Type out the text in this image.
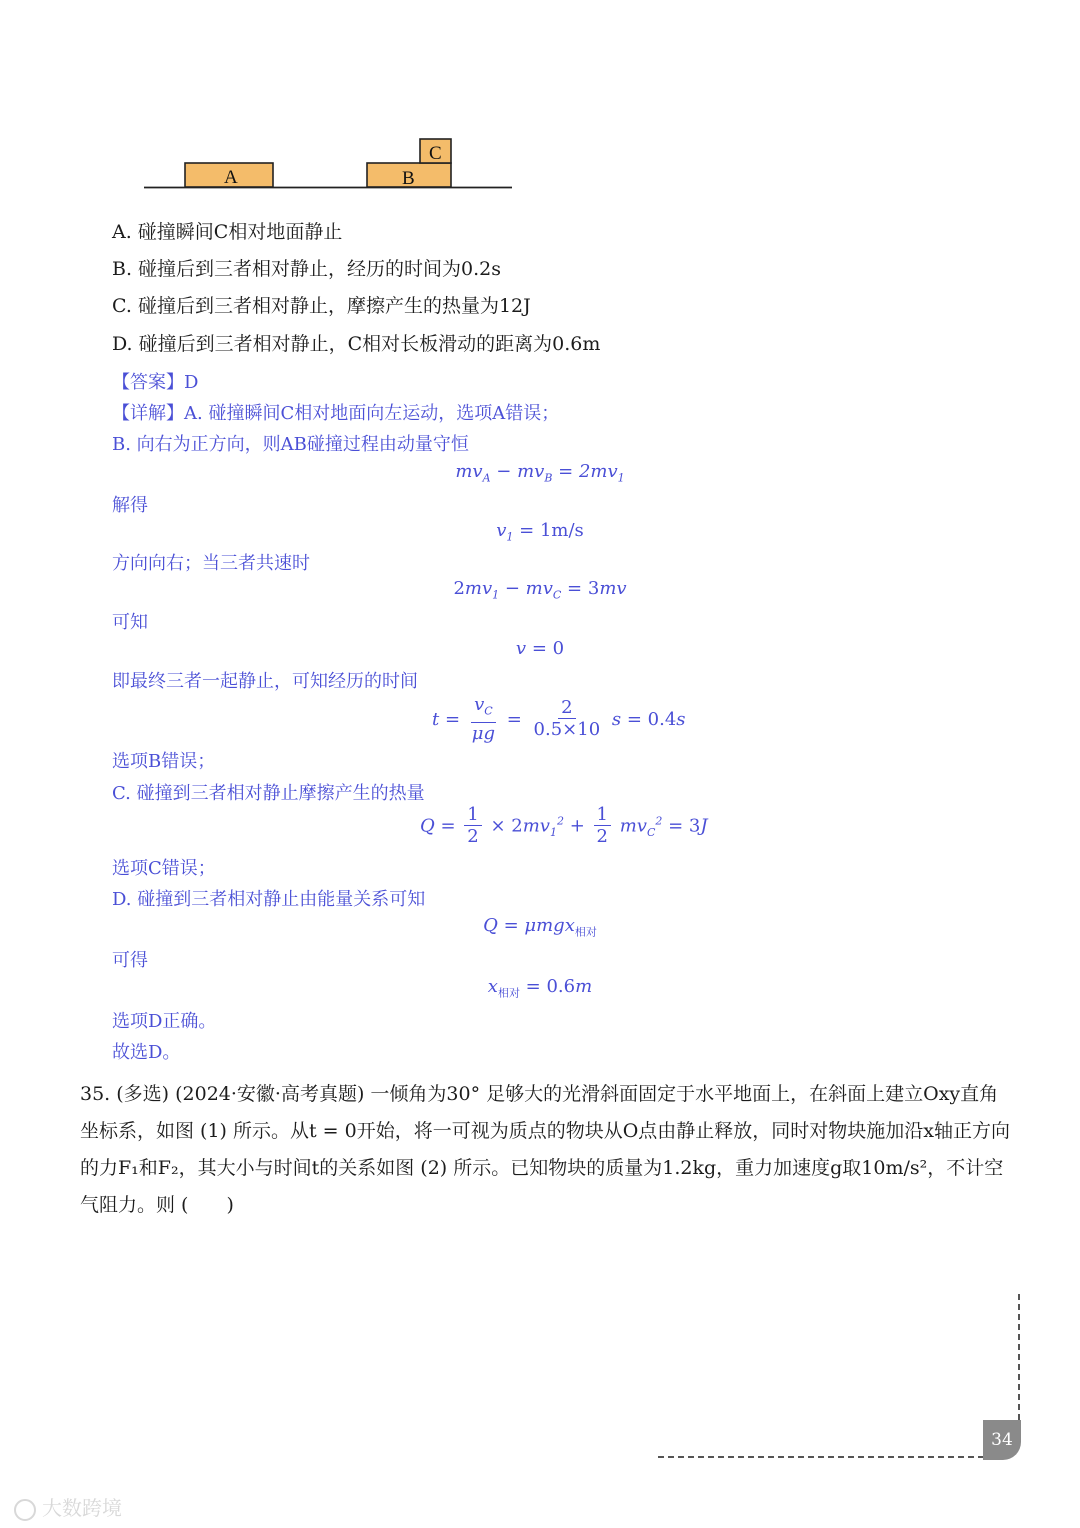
A	B
C
A. 碰撞瞬间C相对地面静止
B. 碰撞后到三者相对静止，经历的时间为0.2s
C. 碰撞后到三者相对静止，摩擦产生的热量为12J
D. 碰撞后到三者相对静止，C相对长板滑动的距离为0.6m
【答案】D
【详解】A. 碰撞瞬间C相对地面向左运动，选项A错误；
B. 向右为正方向，则AB碰撞过程由动量守恒
$mv_A - mv_B = 2mv_1$
解得
$v_1 = 1m/s$
方向向右；当三者共速时
$2mv_1 - mv_C = 3mv$
可知
v = 0
即最终三者一起静止，可知经历的时间
$t = \frac{v_C}{\mu g} = \frac{2}{0.5\times 10}$ s = 0.4s
选项B错误；
C. 碰撞到三者相对静止摩擦产生的热量
$Q = \frac{1}{2} \times 2mv_1^2 + \frac{1}{2} mv_C^2 = 3J$
选项C错误；
D. 碰撞到三者相对静止由能量关系可知
Q = μmgx$_{相对}$
可得
$x_{相对} = 0.6m$
选项D正确。
故选D。
35. (多选) (2024·安徽·高考真题) 一倾角为30° 足够大的光滑斜面固定于水平地面上，在斜面上建立Oxy直角坐标系，如图 (1) 所示。从t = 0开始，将一可视为质点的物块从O点由静止释放，同时对物块施加沿x轴正方向的力F₁和F₂，其大小与时间t的关系如图 (2) 所示。已知物块的质量为1.2kg，重力加速度g取10m/s²，不计空气阻力。则 (　　)
34
大数跨境
